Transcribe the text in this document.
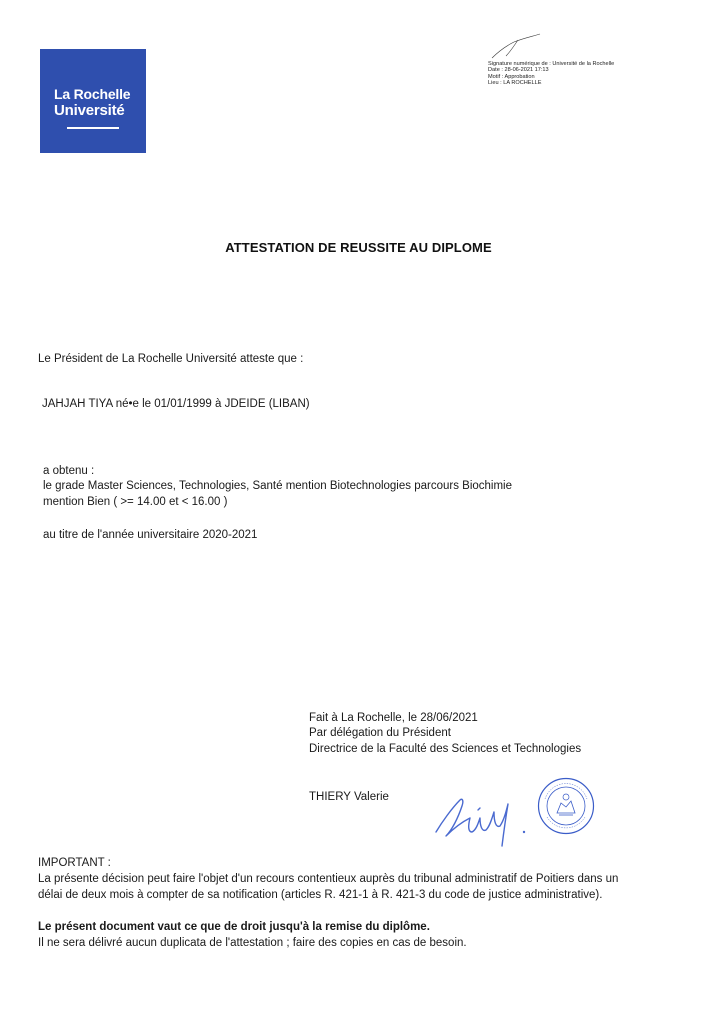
La Rochelle
Université
Signature numérique de : Université de la Rochelle
Date : 28-06-2021 17:13
Motif : Approbation
Lieu : LA ROCHELLE
ATTESTATION DE REUSSITE AU DIPLOME
Le Président de La Rochelle Université atteste que :
JAHJAH TIYA né•e le 01/01/1999 à JDEIDE (LIBAN)
a obtenu :
le grade Master Sciences, Technologies, Santé mention Biotechnologies parcours Biochimie
mention Bien ( >= 14.00 et < 16.00 )
au titre de l'année universitaire 2020-2021
Fait à La Rochelle, le 28/06/2021
Par délégation du Président
Directrice de la Faculté des Sciences et Technologies
THIERY Valerie
IMPORTANT :
La présente décision peut faire l'objet d'un recours contentieux auprès du tribunal administratif de Poitiers dans un
délai de deux mois à compter de sa notification (articles R. 421-1 à R. 421-3 du code de justice administrative).
Le présent document vaut ce que de droit jusqu'à la remise du diplôme.
Il ne sera délivré aucun duplicata de l'attestation ; faire des copies en cas de besoin.
